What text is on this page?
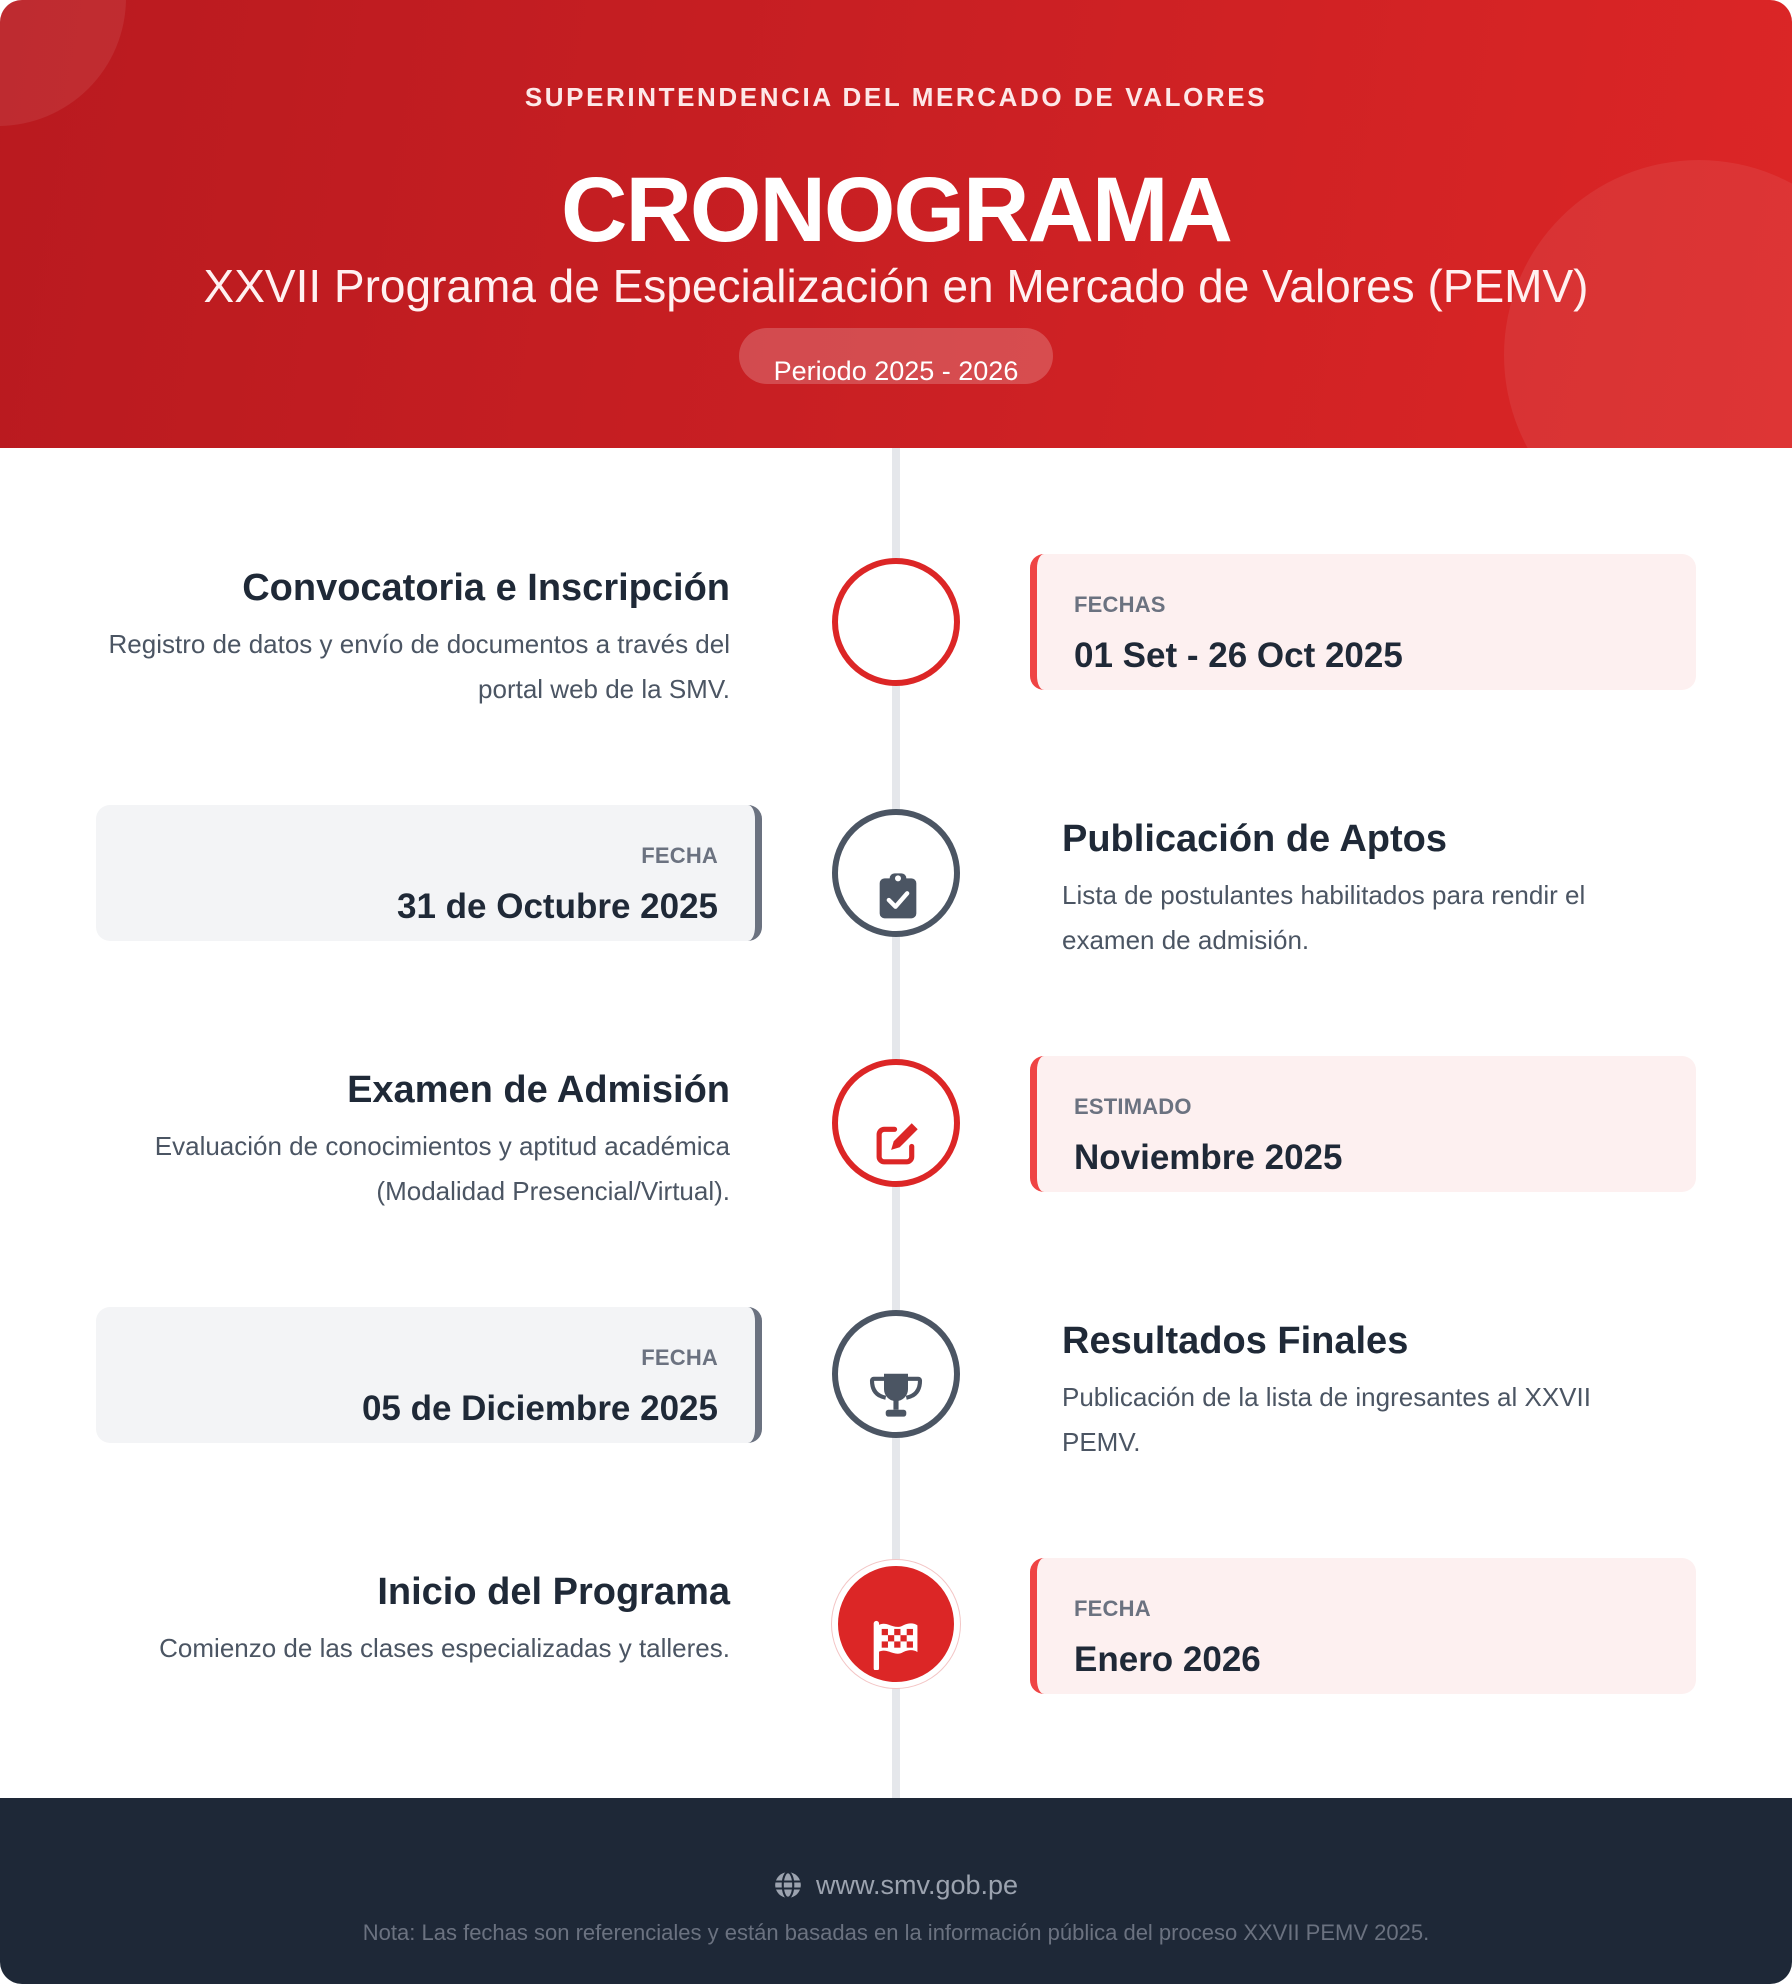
SUPERINTENDENCIA DEL MERCADO DE VALORES
CRONOGRAMA
XXVII Programa de Especialización en Mercado de Valores (PEMV)
Periodo 2025 - 2026
Convocatoria e Inscripción
Registro de datos y envío de documentos a través del portal web de la SMV.
FECHAS
01 Set - 26 Oct 2025
FECHA
31 de Octubre 2025
Publicación de Aptos
Lista de postulantes habilitados para rendir el examen de admisión.
Examen de Admisión
Evaluación de conocimientos y aptitud académica (Modalidad Presencial/Virtual).
ESTIMADO
Noviembre 2025
FECHA
05 de Diciembre 2025
Resultados Finales
Publicación de la lista de ingresantes al XXVII PEMV.
Inicio del Programa
Comienzo de las clases especializadas y talleres.
FECHA
Enero 2026
www.smv.gob.pe
Nota: Las fechas son referenciales y están basadas en la información pública del proceso XXVII PEMV 2025.
